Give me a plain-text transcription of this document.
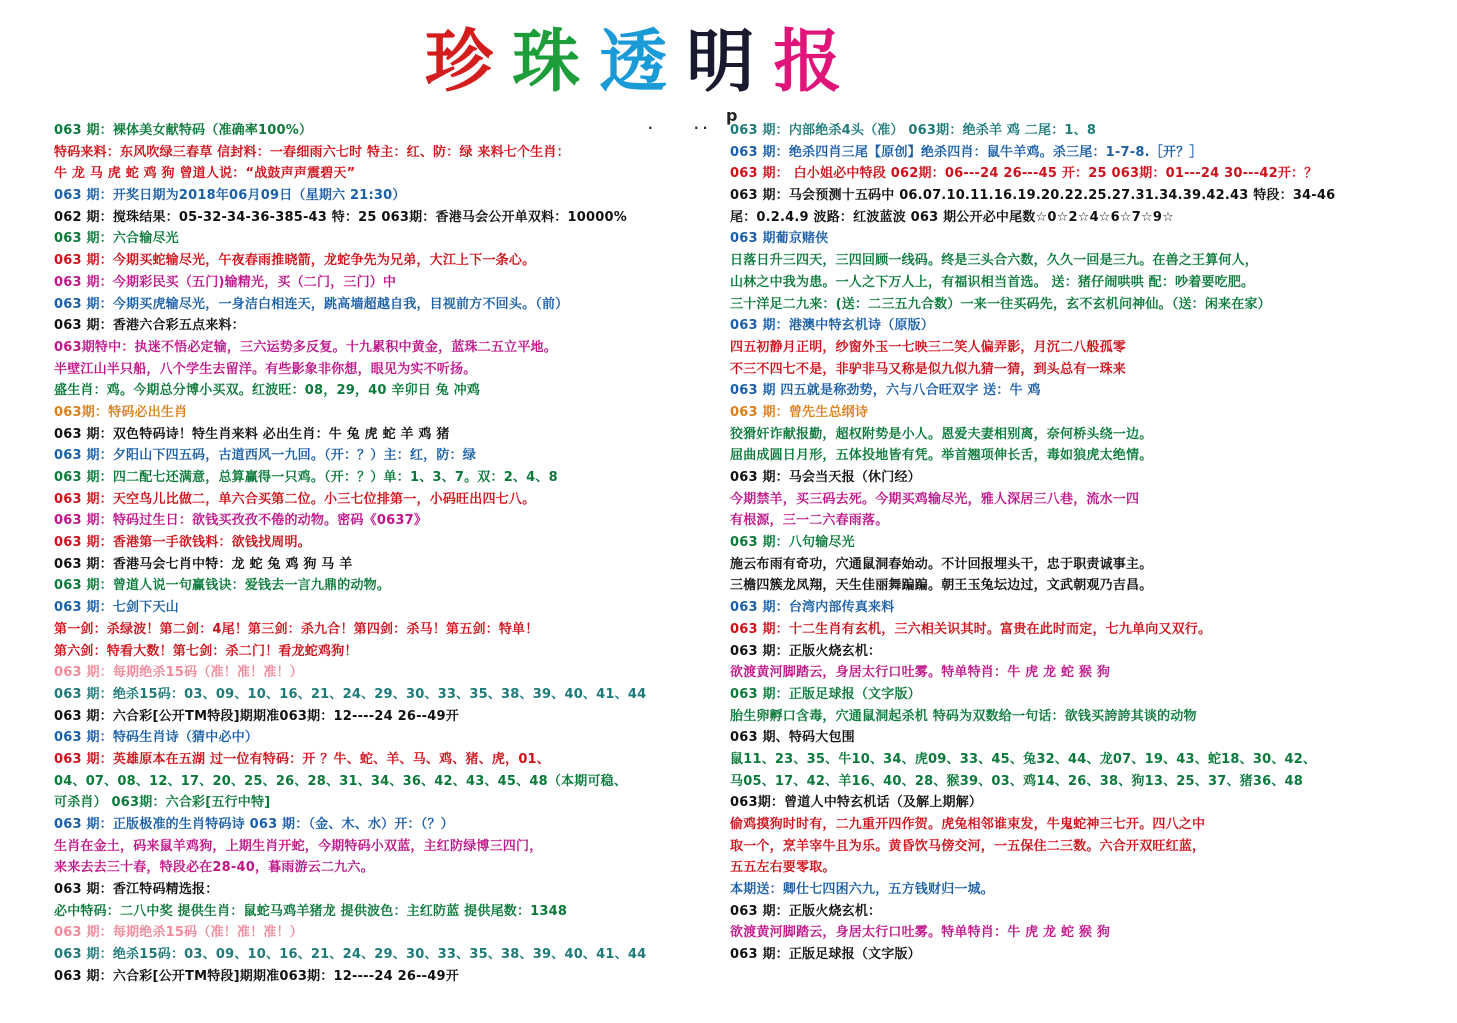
珍 珠 透 明 报
.	. . p
063 期：裸体美女献特码（准确率100%）
特码来料：东风吹绿三春草 信封料：一春细雨六七时 特主：红、防：绿 来料七个生肖：
牛 龙 马 虎 蛇 鸡 狗 曾道人说：“战鼓声声震碧天”
063 期：开奖日期为2018年06月09日（星期六 21:30）
062 期：搅珠结果：05-32-34-36-385-43 特：25 063期：香港马会公开单双料：10000%
063 期：六合输尽光
063 期：今期买蛇输尽光，午夜春雨推晓箭，龙蛇争先为兄弟，大江上下一条心。
063 期：今期彩民买（五门)输精光，买（二门，三门）中
063 期：今期买虎输尽光，一身洁白相连天，跳高墙超越自我，目视前方不回头。（前）
063 期：香港六合彩五点来料：
063期特中：执迷不悟必定输，三六运势多反复。十九累积中黄金，蓝珠二五立平地。
半壁江山半只船，八个学生去留洋。有些影象非你想，眼见为实不听扬。
盛生肖：鸡。今期总分博小买双。红波旺：08，29，40 辛卯日 兔 冲鸡
063期：特码必出生肖
063 期：双色特码诗！特生肖来料 必出生肖：牛 兔 虎 蛇 羊 鸡 猪
063 期：夕阳山下四五码，古道西风一九回。（开：？）主：红，防：绿
063 期：四二配七还满意，总算赢得一只鸡。（开：？）单：1、3、7。双：2、4、8
063 期：天空鸟儿比做二，单六合买第二位。小三七位排第一，小码旺出四七八。
063 期：特码过生日：欲钱买孜孜不倦的动物。密码《0637》
063 期：香港第一手欲钱料：欲钱找周明。
063 期：香港马会七肖中特：龙 蛇 兔 鸡 狗 马 羊
063 期：曾道人说一句赢钱诀：爱钱去一言九鼎的动物。
063 期：七剑下天山
第一剑：杀绿波！第二剑：4尾！第三剑：杀九合！第四剑：杀马！第五剑：特单！
第六剑：特看大数！第七剑：杀二门！看龙蛇鸡狗！
063 期：每期绝杀15码（准！准！准！）
063 期：绝杀15码：03、09、10、16、21、24、29、30、33、35、38、39、40、41、44
063 期：六合彩[公开TM特段]期期准063期：12----24 26--49开
063 期：特码生肖诗（猜中必中）
063 期：英雄原本在五湖 过一位有特码：开 ？牛、蛇、羊、马、鸡、猪、虎，01、
04、07、08、12、17、20、25、26、28、31、34、36、42、43、45、48（本期可稳、
可杀肖） 063期：六合彩[五行中特]
063 期：正版极准的生肖特码诗 063 期：（金、木、水）开：（？）
生肖在金土，码来鼠羊鸡狗，上期生肖开蛇，今期特码小双蓝，主红防绿博三四门，
来来去去三十春，特段必在28-40，暮雨游云二九六。
063 期：香江特码精选报：
必中特码：二八中奖 提供生肖：鼠蛇马鸡羊猪龙 提供波色：主红防蓝 提供尾数：1348
063 期：每期绝杀15码（准！准！准！）
063 期：绝杀15码：03、09、10、16、21、24、29、30、33、35、38、39、40、41、44
063 期：六合彩[公开TM特段]期期准063期：12----24 26--49开
063 期：内部绝杀4头（准） 063期：绝杀羊 鸡 二尾：1、8
063 期：绝杀四肖三尾【原创】绝杀四肖：鼠牛羊鸡。杀三尾：1-7-8.［开？］
063 期： 白小姐必中特段 062期：06---24 26---45 开：25 063期：01---24 30---42开：？
063 期：马会预测十五码中 06.07.10.11.16.19.20.22.25.27.31.34.39.42.43 特段：34-46
尾：0.2.4.9 波路：红波蓝波 063 期公开必中尾数☆0☆2☆4☆6☆7☆9☆
063 期葡京赌侠
日落日升三四天，三四回顾一线码。终是三头合六数，久久一回是三九。在兽之王算何人，
山林之中我为患。一人之下万人上，有福识相当首选。 送：猪仔闹哄哄 配：吵着要吃肥。
三十洋足二九来：(送：二三五九合数）一来一往买码先，玄不玄机问神仙。（送：闲来在家）
063 期：港澳中特玄机诗（原版）
四五初静月正明，纱窗外玉一七映三二笑人偏弄影，月沉二八般孤零
不三不四七不是，非驴非马又称是似九似九猜一猜，到头总有一珠来
063 期 四五就是称劲势，六与八合旺双字 送：牛 鸡
063 期：曾先生总纲诗
狡猾奸诈献报勤，超权附势是小人。恩爱夫妻相别离，奈何桥头绕一边。
屈曲成圆日月形，五体投地皆有凭。举首翘项伸长舌，毒如狼虎太绝情。
063 期：马会当天报（休门经）
今期禁羊，买三码去死。今期买鸡输尽光，雅人深居三八巷，流水一四
有根源，三一二六春雨落。
063 期：八句输尽光
施云布雨有奇功，穴通鼠洞春始动。不计回报埋头干，忠于职责诚事主。
三檐四簇龙凤翔，天生佳丽舞蹁蹁。朝王玉兔坛边过，文武朝观乃吉昌。
063 期：台湾内部传真来料
063 期：十二生肖有玄机，三六相关识其时。富贵在此时而定，七九单向又双行。
063 期：正版火烧玄机：
欲渡黄河脚踏云，身居太行口吐雾。特单特肖：牛 虎 龙 蛇 猴 狗
063 期：正版足球报（文字版）
胎生卵孵口含毒，穴通鼠洞起杀机 特码为双数给一句话：欲钱买誇誇其谈的动物
063 期、特码大包围
鼠11、23、35、牛10、34、虎09、33、45、兔32、44、龙07、19、43、蛇18、30、42、
马05、17、42、羊16、40、28、猴39、03、鸡14、26、38、狗13、25、37、猪36、48
063期：曾道人中特玄机话（及解上期解）
偷鸡摸狗时时有，二九重开四作贺。虎兔相邻谁束发，牛鬼蛇神三七开。四八之中
取一个，烹羊宰牛且为乐。黄昏饮马傍交河，一五保住二三数。六合开双旺红蓝，
五五左右要零取。
本期送：卿仕七四困六九，五方钱财归一城。
063 期：正版火烧玄机：
欲渡黄河脚踏云，身居太行口吐雾。特单特肖：牛 虎 龙 蛇 猴 狗
063 期：正版足球报（文字版）
